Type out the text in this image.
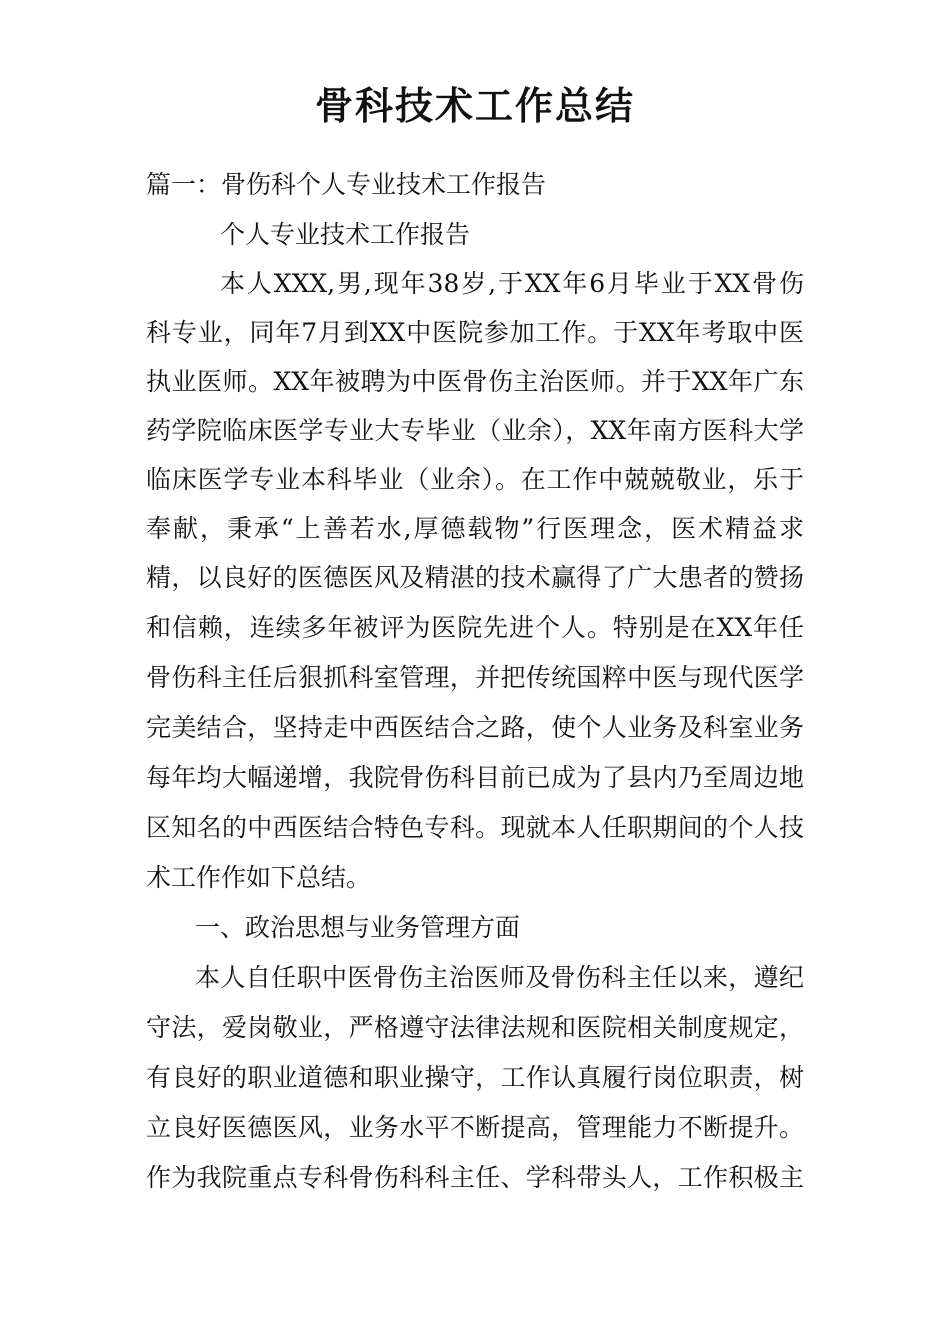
骨科技术工作总结

篇一：骨伤科个人专业技术工作报告

个人专业技术工作报告

本人XXX,男,现年38岁,于XX年6月毕业于XX骨伤

科专业，同年7月到XX中医院参加工作。于XX年考取中医

执业医师。XX年被聘为中医骨伤主治医师。并于XX年广东

药学院临床医学专业大专毕业（业余），XX年南方医科大学

临床医学专业本科毕业（业余）。在工作中兢兢敬业，乐于

奉献，秉承“上善若水,厚德载物”行医理念，医术精益求

精，以良好的医德医风及精湛的技术赢得了广大患者的赞扬

和信赖，连续多年被评为医院先进个人。特别是在XX年任

骨伤科主任后狠抓科室管理，并把传统国粹中医与现代医学

完美结合，坚持走中西医结合之路，使个人业务及科室业务

每年均大幅递增，我院骨伤科目前已成为了县内乃至周边地

区知名的中西医结合特色专科。现就本人任职期间的个人技

术工作作如下总结。

一、政治思想与业务管理方面

本人自任职中医骨伤主治医师及骨伤科主任以来，遵纪

守法，爱岗敬业，严格遵守法律法规和医院相关制度规定，

有良好的职业道德和职业操守，工作认真履行岗位职责，树

立良好医德医风，业务水平不断提高，管理能力不断提升。

作为我院重点专科骨伤科科主任、学科带头人，工作积极主
